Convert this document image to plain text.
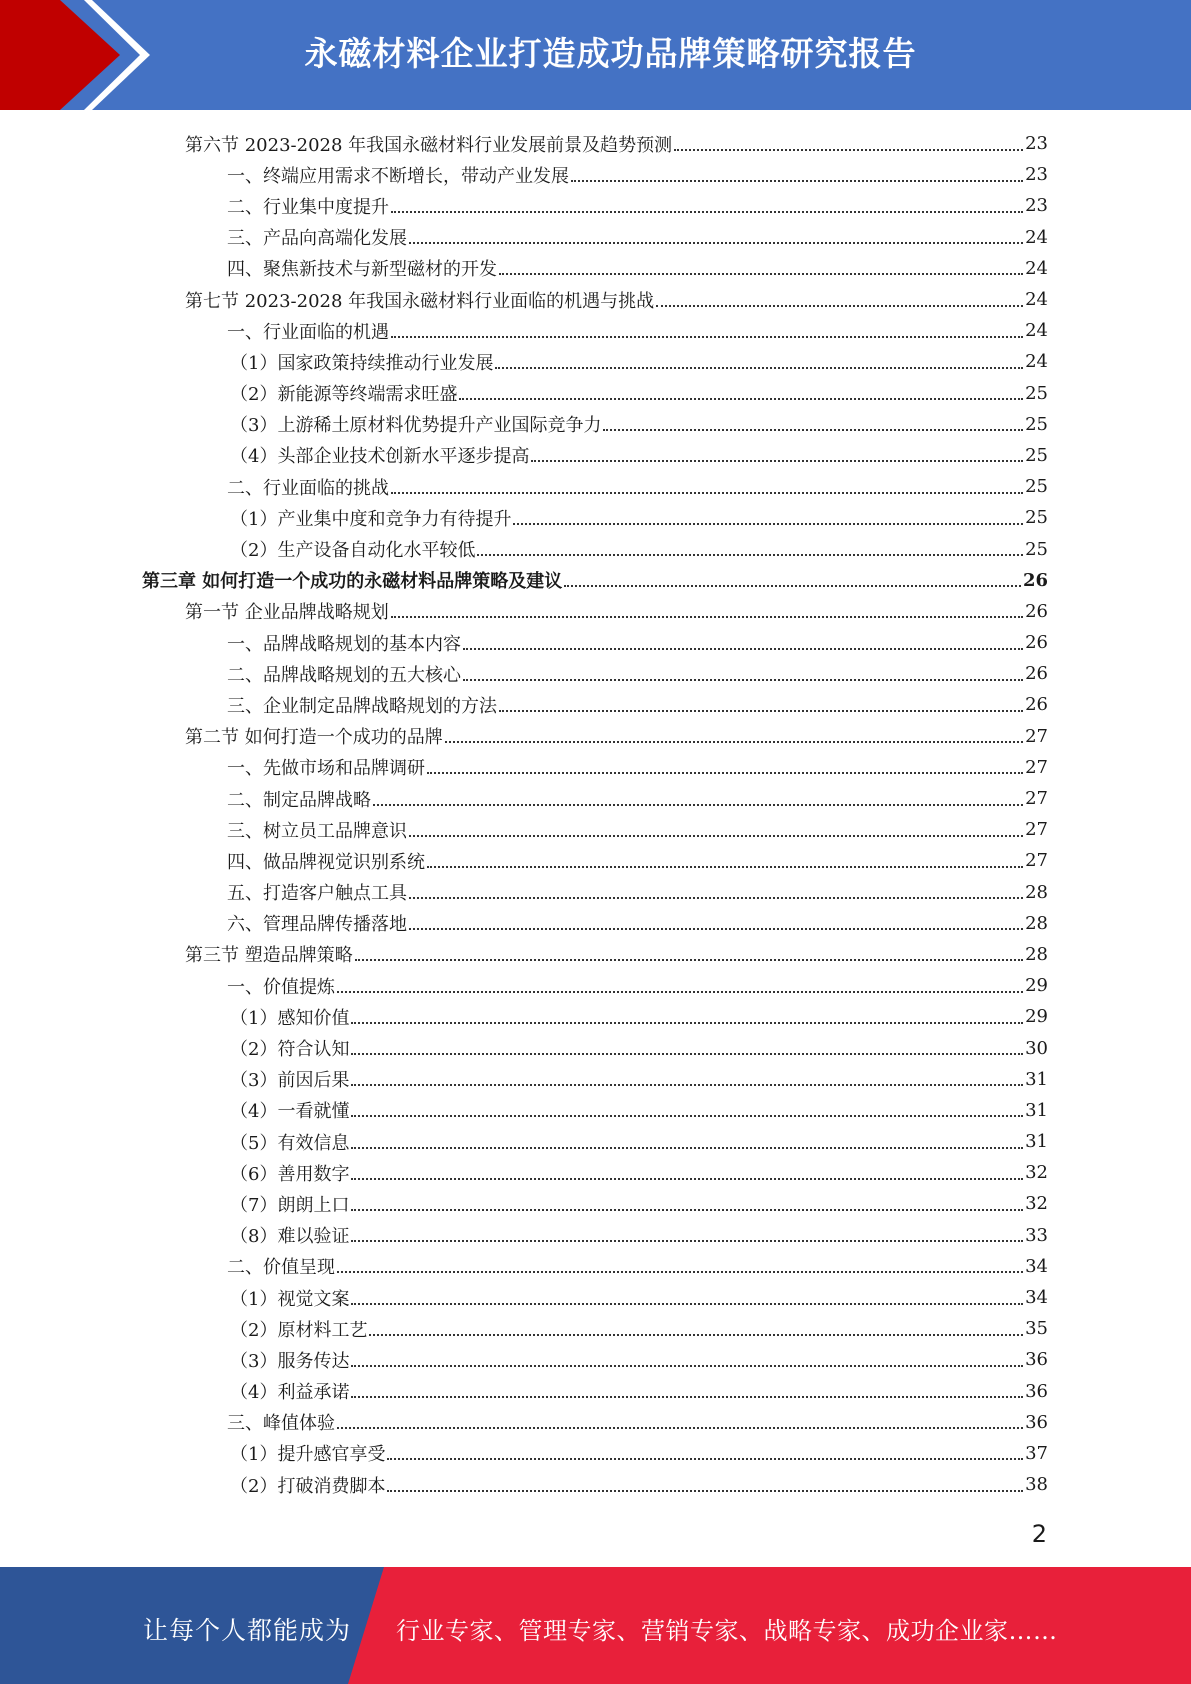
永磁材料企业打造成功品牌策略研究报告
第六节 2023-2028 年我国永磁材料行业发展前景及趋势预测	23
一、终端应用需求不断增长，带动产业发展	23
二、行业集中度提升	23
三、产品向高端化发展	24
四、聚焦新技术与新型磁材的开发	24
第七节 2023-2028 年我国永磁材料行业面临的机遇与挑战	24
一、行业面临的机遇	24
（1）国家政策持续推动行业发展	24
（2）新能源等终端需求旺盛	25
（3）上游稀土原材料优势提升产业国际竞争力	25
（4）头部企业技术创新水平逐步提高	25
二、行业面临的挑战	25
（1）产业集中度和竞争力有待提升	25
（2）生产设备自动化水平较低	25
第三章 如何打造一个成功的永磁材料品牌策略及建议	26
第一节 企业品牌战略规划	26
一、品牌战略规划的基本内容	26
二、品牌战略规划的五大核心	26
三、企业制定品牌战略规划的方法	26
第二节 如何打造一个成功的品牌	27
一、先做市场和品牌调研	27
二、制定品牌战略	27
三、树立员工品牌意识	27
四、做品牌视觉识别系统	27
五、打造客户触点工具	28
六、管理品牌传播落地	28
第三节 塑造品牌策略	28
一、价值提炼	29
（1）感知价值	29
（2）符合认知	30
（3）前因后果	31
（4）一看就懂	31
（5）有效信息	31
（6）善用数字	32
（7）朗朗上口	32
（8）难以验证	33
二、价值呈现	34
（1）视觉文案	34
（2）原材料工艺	35
（3）服务传达	36
（4）利益承诺	36
三、峰值体验	36
（1）提升感官享受	37
（2）打破消费脚本	38
2
让每个人都能成为 行业专家、管理专家、营销专家、战略专家、成功企业家……
